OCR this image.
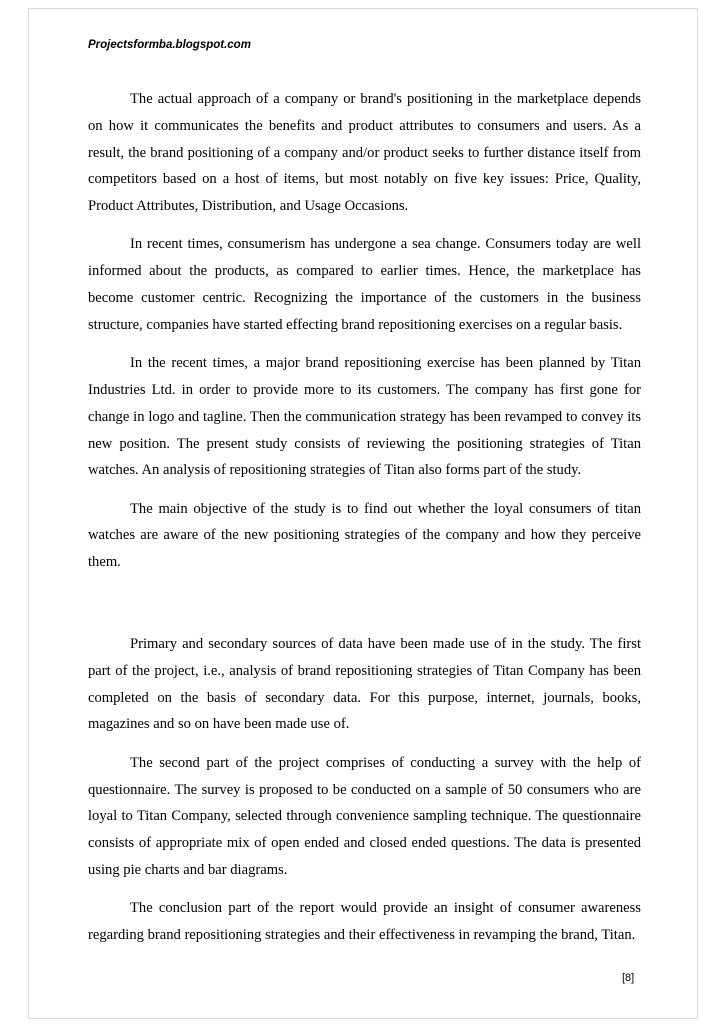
Projectsformba.blogspot.com

The actual approach of a company or brand's positioning in the marketplace depends on how it communicates the benefits and product attributes to consumers and users. As a result, the brand positioning of a company and/or product seeks to further distance itself from competitors based on a host of items, but most notably on five key issues: Price, Quality, Product Attributes, Distribution, and Usage Occasions.

In recent times, consumerism has undergone a sea change. Consumers today are well informed about the products, as compared to earlier times. Hence, the marketplace has become customer centric. Recognizing the importance of the customers in the business structure, companies have started effecting brand repositioning exercises on a regular basis.

In the recent times, a major brand repositioning exercise has been planned by Titan Industries Ltd. in order to provide more to its customers. The company has first gone for change in logo and tagline. Then the communication strategy has been revamped to convey its new position. The present study consists of reviewing the positioning strategies of Titan watches. An analysis of repositioning strategies of Titan also forms part of the study.

The main objective of the study is to find out whether the loyal consumers of titan watches are aware of the new positioning strategies of the company and how they perceive them.

Primary and secondary sources of data have been made use of in the study. The first part of the project, i.e., analysis of brand repositioning strategies of Titan Company has been completed on the basis of secondary data. For this purpose, internet, journals, books, magazines and so on have been made use of.

The second part of the project comprises of conducting a survey with the help of questionnaire. The survey is proposed to be conducted on a sample of 50 consumers who are loyal to Titan Company, selected through convenience sampling technique. The questionnaire consists of appropriate mix of open ended and closed ended questions. The data is presented using pie charts and bar diagrams.

The conclusion part of the report would provide an insight of consumer awareness regarding brand repositioning strategies and their effectiveness in revamping the brand, Titan.

[8]
